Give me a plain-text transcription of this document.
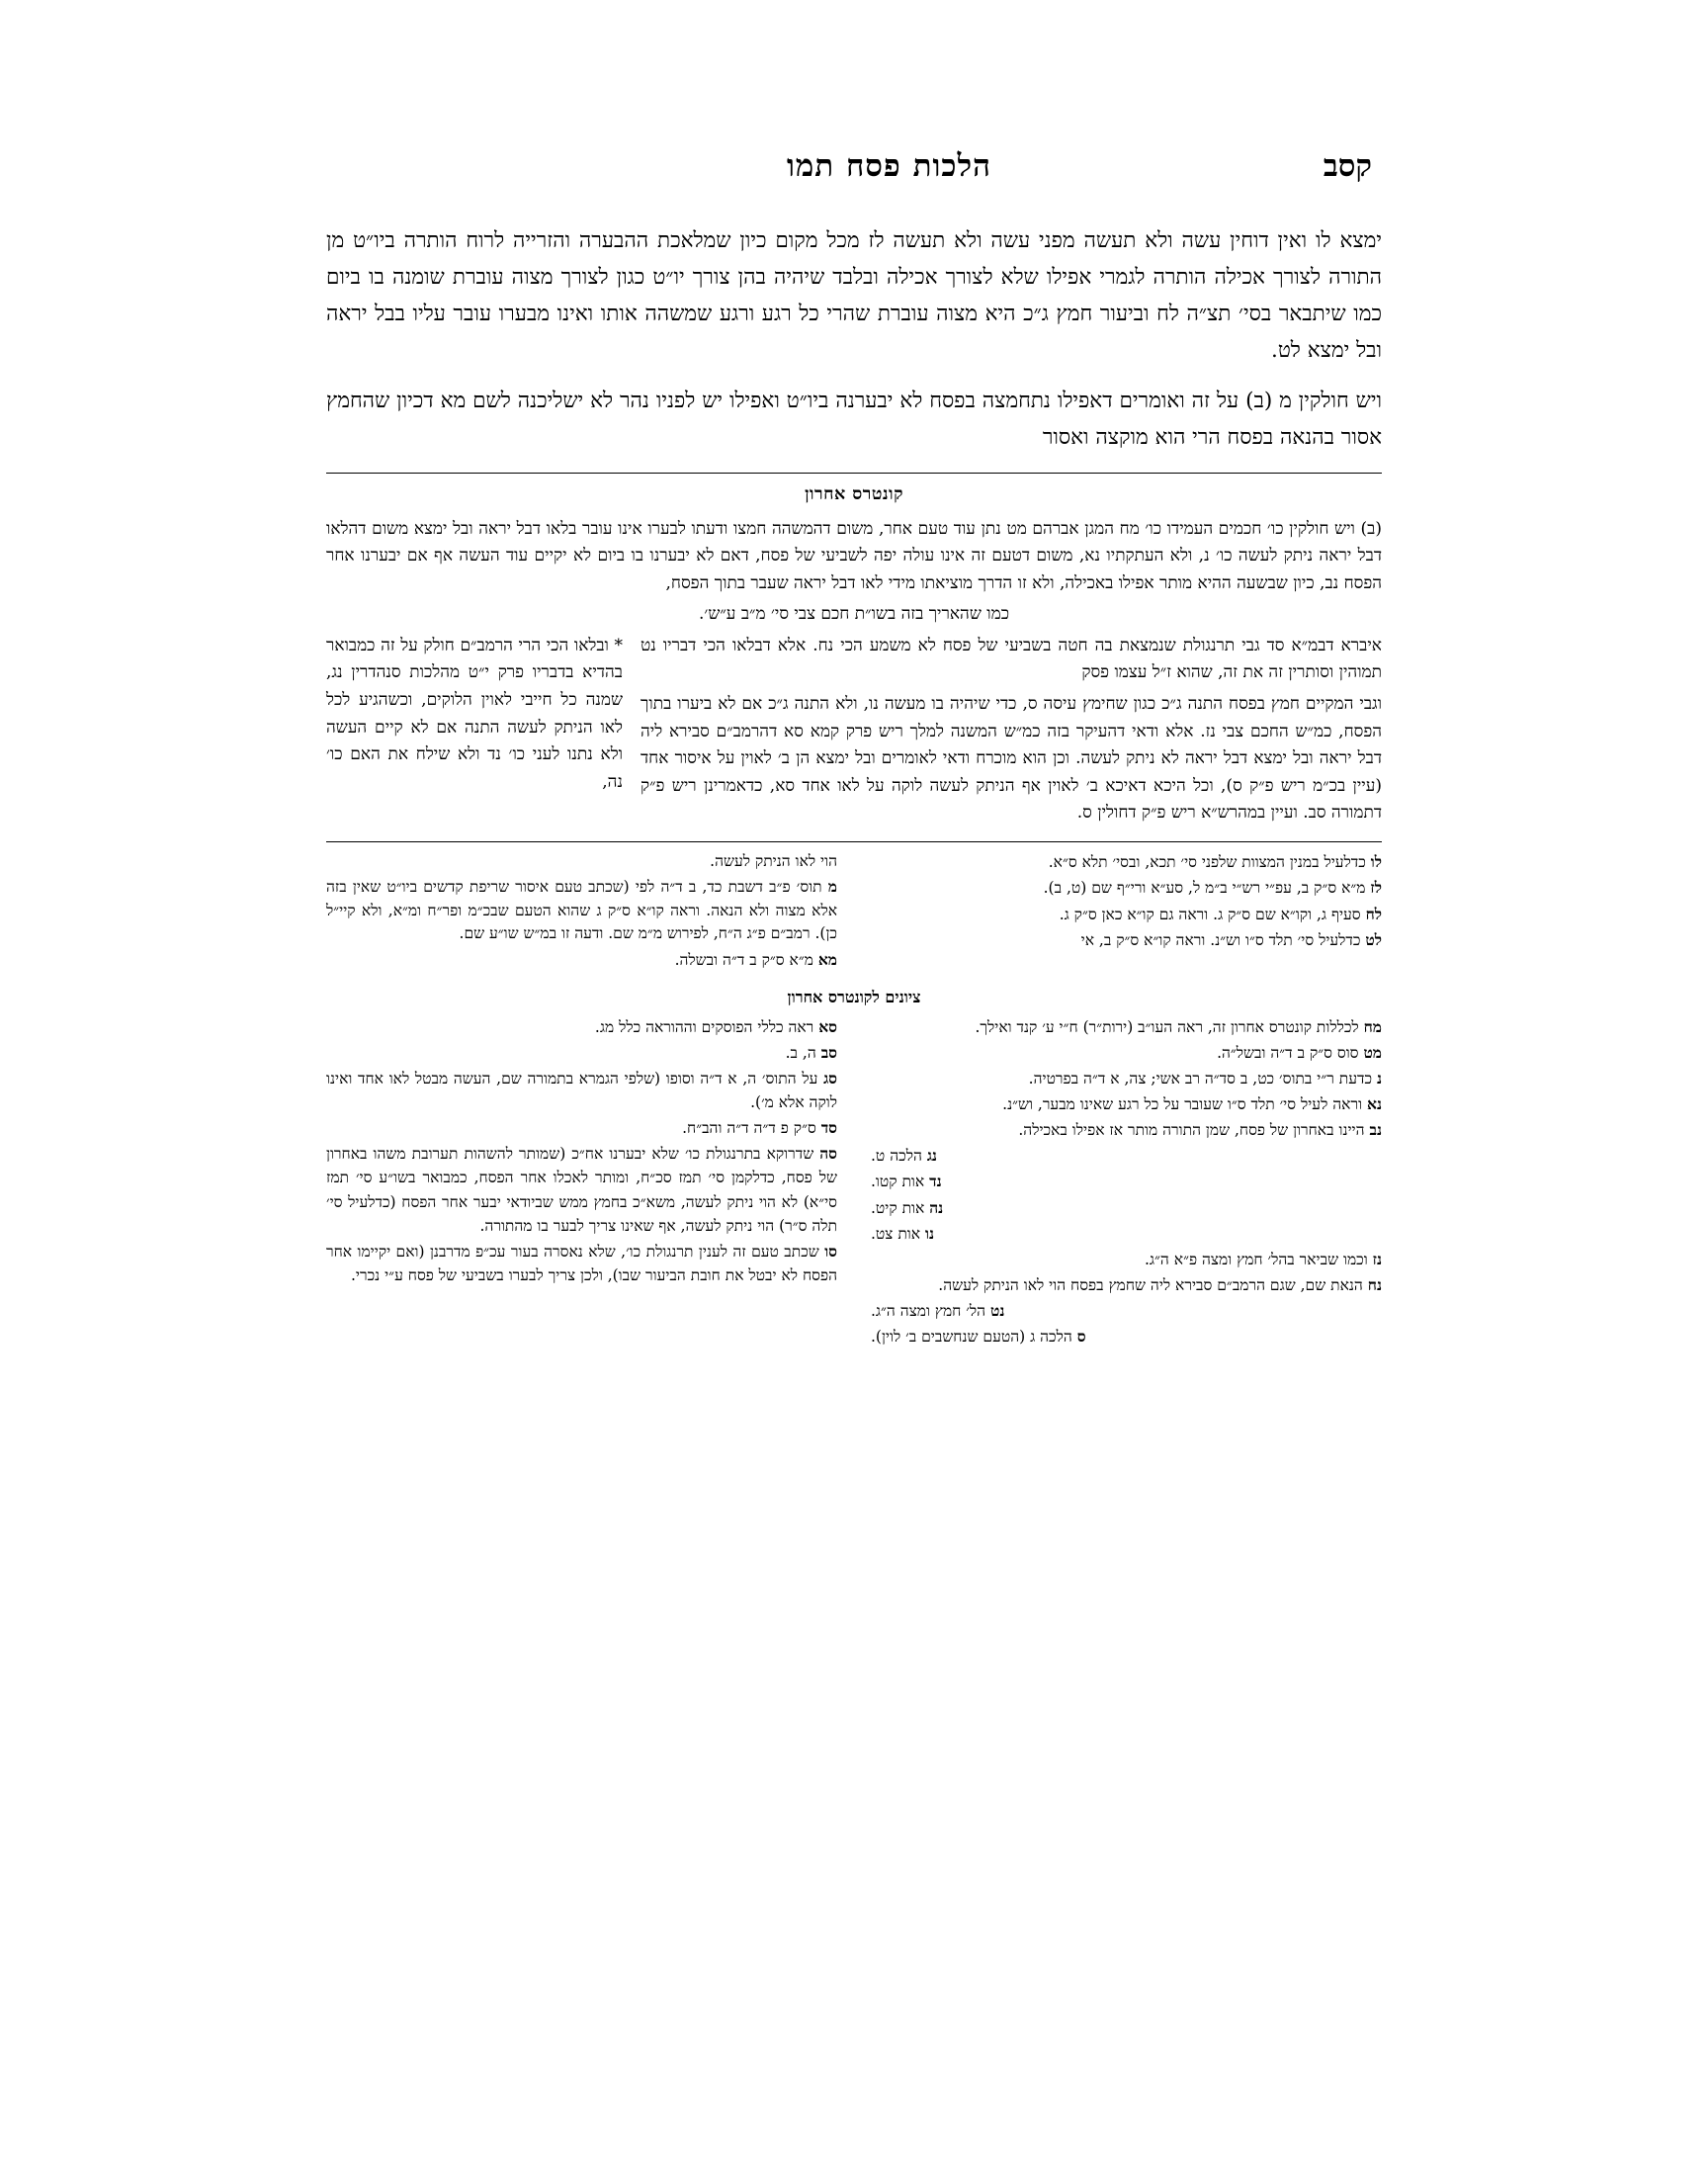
קסב
הלכות פסח תמו

ימצא לו ואין דוחין עשה ולא תעשה מפני עשה ולא תעשה לז מכל מקום כיון שמלאכת ההבערה והזרייה לרוח הותרה ביו״ט מן התורה לצורך אכילה הותרה לגמרי אפילו שלא לצורך אכילה ובלבד שיהיה בהן צורך יו״ט כגון לצורך מצוה עוברת שומנה בו ביום כמו שיתבאר בסי׳ תצ״ה לח וביעור חמץ ג״כ היא מצוה עוברת שהרי כל רגע ורגע שמשהה אותו ואינו מבערו עובר עליו בבל יראה ובל ימצא לט.

ויש חולקין מ (ב) על זה ואומרים דאפילו נתחמצה בפסח לא יבערנה ביו״ט ואפילו יש לפניו נהר לא ישליכנה לשם מא דכיון שהחמץ אסור בהנאה בפסח הרי הוא מוקצה ואסור

קונטרס אחרון

(ב) ויש חולקין כו׳ חכמים העמידו כו׳ מח המגן אברהם מט נתן עוד טעם אחר, משום דהמשהה חמצו ודעתו לבערו אינו עובר בלאו דבל יראה ובל ימצא משום דהלאו דבל יראה ניתק לעשה כו׳ נ, ולא העתקתיו נא, משום דטעם זה אינו עולה יפה לשביעי של פסח, דאם לא יבערנו בו ביום לא יקיים עוד העשה אף אם יבערנו אחר הפסח נב, כיון שבשעה ההיא מותר אפילו באכילה, ולא זו הדרך מוציאתו מידי לאו דבל יראה שעבר בתוך הפסח,

כמו שהאריך בזה בשו״ת חכם צבי סי׳ מ״ב ע״ש׳.

* ובלאו הכי הרי הרמב״ם חולק על זה כמבואר בהדיא בדבריו פרק י״ט מהלכות סנהדרין נג, שמנה כל חייבי לאוין הלוקים, וכשהגיע לכל לאו הניתק לעשה התנה אם לא קיים העשה ולא נתנו לעני כו׳ נד ולא שילח את האם כו׳ נה,

איברא דבמ״א סד גבי תרנגולת שנמצאת בה חטה בשביעי של פסח לא משמע הכי נח. אלא דבלאו הכי דבריו נט תמוהין וסותרין זה את זה, שהוא ז״ל עצמו פסק

וגבי המקיים חמץ בפסח התנה ג״כ כגון שחימץ עיסה ס, כדי שיהיה בו מעשה נו, ולא התנה ג״כ אם לא ביערו בתוך הפסח, כמ״ש החכם צבי נז. אלא ודאי דהעיקר בזה כמ״ש המשנה למלך ריש פרק קמא סא דהרמב״ם סבירא ליה דבל יראה ובל ימצא דבל יראה לא ניתק לעשה. וכן הוא מוכרח ודאי לאומרים ובל ימצא הן ב׳ לאוין על איסור אחד (עיין בכ״מ ריש פ״ק ס), וכל היכא דאיכא ב׳ לאוין אף הניתק לעשה לוקה על לאו אחד סא, כדאמרינן ריש פ״ק דתמורה סב. ועיין במהרש״א ריש פ״ק דחולין ס.

לו כדלעיל במנין המצוות שלפני סי׳ תכא, ובסי׳ תלא ס״א.

לז מ״א ס״ק ב, עפ״י רש״י ב״מ ל, סע״א ורי״ף שם (ט, ב).

לח סעיף ג, וקו״א שם ס״ק ג. וראה גם קו״א כאן ס״ק ג.

לט כדלעיל סי׳ תלד ס״ו וש״נ. וראה קו״א ס״ק ב, אי

הוי לאו הניתק לעשה.

מ תוס׳ פ״ב דשבת כד, ב ד״ה לפי (שכתב טעם איסור שריפת קדשים ביו״ט שאין בזה אלא מצוה ולא הנאה. וראה קו״א ס״ק ג שהוא הטעם שבכ״מ ופר״ח ומ״א, ולא קיי״ל כן). רמב״ם פ״ג ה״ח, לפירוש מ״מ שם. ודעה זו במ״ש שו״ע שם.

מא מ״א ס״ק ב ד״ה ובשלה.

ציונים לקונטרס אחרון

מח לכללות קונטרס אחרון זה, ראה העו״ב (ירות״ר) ח״י ע׳ קנד ואילך.

מט סוס ס״ק ב ד״ה ובשל״ה.

נ כדעת ר״י בתוס׳ כט, ב סד״ה רב אשי; צה, א ד״ה בפרטיה.

נא וראה לעיל סי׳ תלד ס״ו שעובר על כל רגע שאינו מבער, וש״נ.

נב היינו באחרון של פסח, שמן התורה מותר אז אפילו באכילה.

נג הלכה ט.

נד אות קטו.

נה אות קיט.

נו אות צט.

נז וכמו שביאר בהל׳ חמץ ומצה פ״א ה״ג.

נח הנאת שם, שגם הרמב״ם סבירא ליה שחמץ בפסח הוי לאו הניתק לעשה.

נט הל׳ חמץ ומצה ה״ג.

ס הלכה ג (הטעם שנחשבים ב׳ לוין).

סא ראה כללי הפוסקים וההוראה כלל מג.

סב ה, ב.

סג על התוס׳ ה, א ד״ה וסופו (שלפי הגמרא בתמורה שם, העשה מבטל לאו אחד ואינו לוקה אלא מ׳).

סד ס״ק פ ד״ה ד״ה והב״ח.

סה שדרוקא בתרנגולת כו׳ שלא יבערנו אח״כ (שמותר להשהות תערובת משהו באחרון של פסח, כדלקמן סי׳ תמז סכ״ח, ומותר לאכלו אחר הפסח, כמבואר בשו״ע סי׳ תמז סי״א) לא הוי ניתק לעשה, משא״כ בחמץ ממש שביודאי יבער אחר הפסח (כדלעיל סי׳ תלה ס״ר) הוי ניתק לעשה, אף שאינו צריך לבער בו מהתורה.

סו שכתב טעם זה לענין תרנגולת כו׳, שלא נאסרה בעור עכ״פ מדרבנן (ואם יקיימו אחר הפסח לא יבטל את חובת הביעור שבו), ולכן צריך לבערו בשביעי של פסח ע״י נכרי.
